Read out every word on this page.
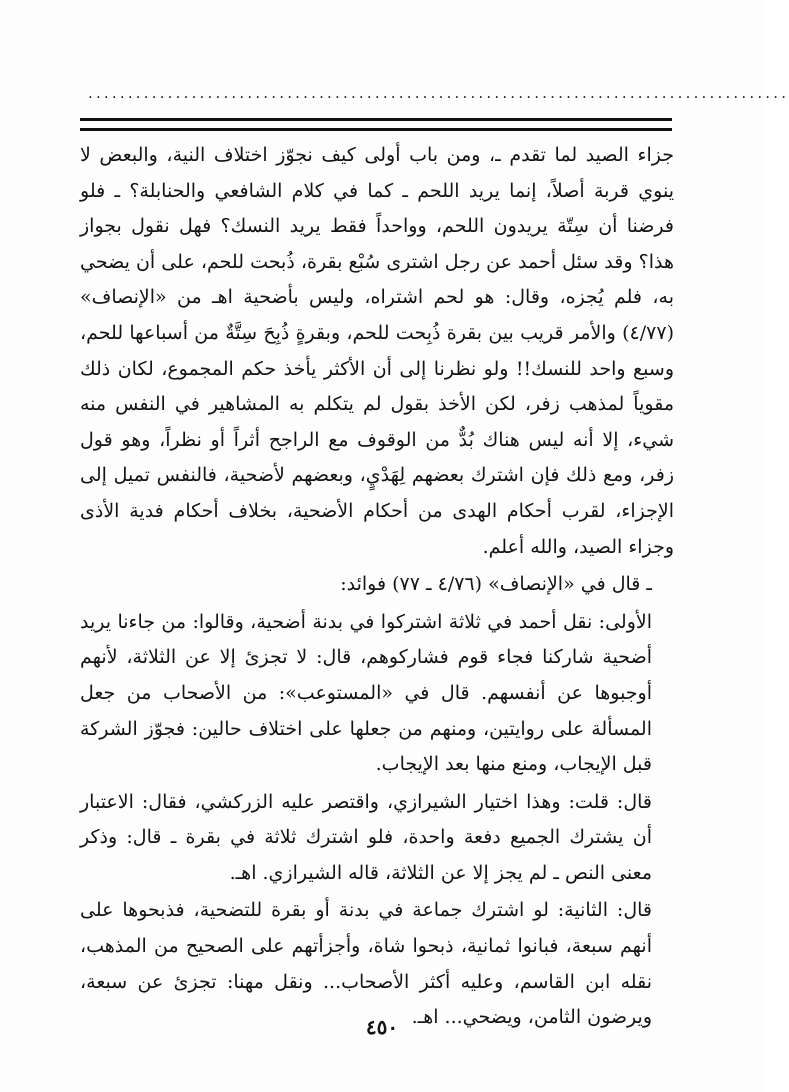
........................................................................................

جزاء الصيد لما تقدم ـ، ومن باب أولى كيف نجوّز اختلاف النية، والبعض لا ينوي قربة أصلاً، إنما يريد اللحم ـ كما في كلام الشافعي والحنابلة؟ ـ فلو فرضنا أن سِتّة يريدون اللحم، وواحداً فقط يريد النسك؟ فهل نقول بجواز هذا؟ وقد سئل أحمد عن رجل اشترى سُبْع بقرة، ذُبحت للحم، على أن يضحي به، فلم يُجزه، وقال: هو لحم اشتراه، وليس بأضحية اهـ من «الإنصاف» (٤/٧٧) والأمر قريب بين بقرة ذُبِحت للحم، وبقرةٍ ذُبِحَ سِتَّةٌ من أسباعها للحم، وسبع واحد للنسك!! ولو نظرنا إلى أن الأكثر يأخذ حكم المجموع، لكان ذلك مقوياً لمذهب زفر، لكن الأخذ بقول لم يتكلم به المشاهير في النفس منه شيء، إلا أنه ليس هناك بُدٌّ من الوقوف مع الراجح أثراً أو نظراً، وهو قول زفر، ومع ذلك فإن اشترك بعضهم لِهَدْيٍ، وبعضهم لأضحية، فالنفس تميل إلى الإجزاء، لقرب أحكام الهدى من أحكام الأضحية، بخلاف أحكام فدية الأذى وجزاء الصيد، والله أعلم.

ـ قال في «الإنصاف» (٤/٧٦ ـ ٧٧) فوائد:

الأولى: نقل أحمد في ثلاثة اشتركوا في بدنة أضحية، وقالوا: من جاءنا يريد أضحية شاركنا فجاء قوم فشاركوهم، قال: لا تجزئ إلا عن الثلاثة، لأنهم أوجبوها عن أنفسهم. قال في «المستوعب»: من الأصحاب من جعل المسألة على روايتين، ومنهم من جعلها على اختلاف حالين: فجوّز الشركة قبل الإيجاب، ومنع منها بعد الإيجاب.

قال: قلت: وهذا اختيار الشيرازي، واقتصر عليه الزركشي، فقال: الاعتبار أن يشترك الجميع دفعة واحدة، فلو اشترك ثلاثة في بقرة ـ قال: وذكر معنى النص ـ لم يجز إلا عن الثلاثة، قاله الشيرازي. اهـ.

قال: الثانية: لو اشترك جماعة في بدنة أو بقرة للتضحية، فذبحوها على أنهم سبعة، فبانوا ثمانية، ذبحوا شاة، وأجزأتهم على الصحيح من المذهب، نقله ابن القاسم، وعليه أكثر الأصحاب... ونقل مهنا: تجزئ عن سبعة، ويرضون الثامن، ويضحي... اهـ.

٤٥٠
